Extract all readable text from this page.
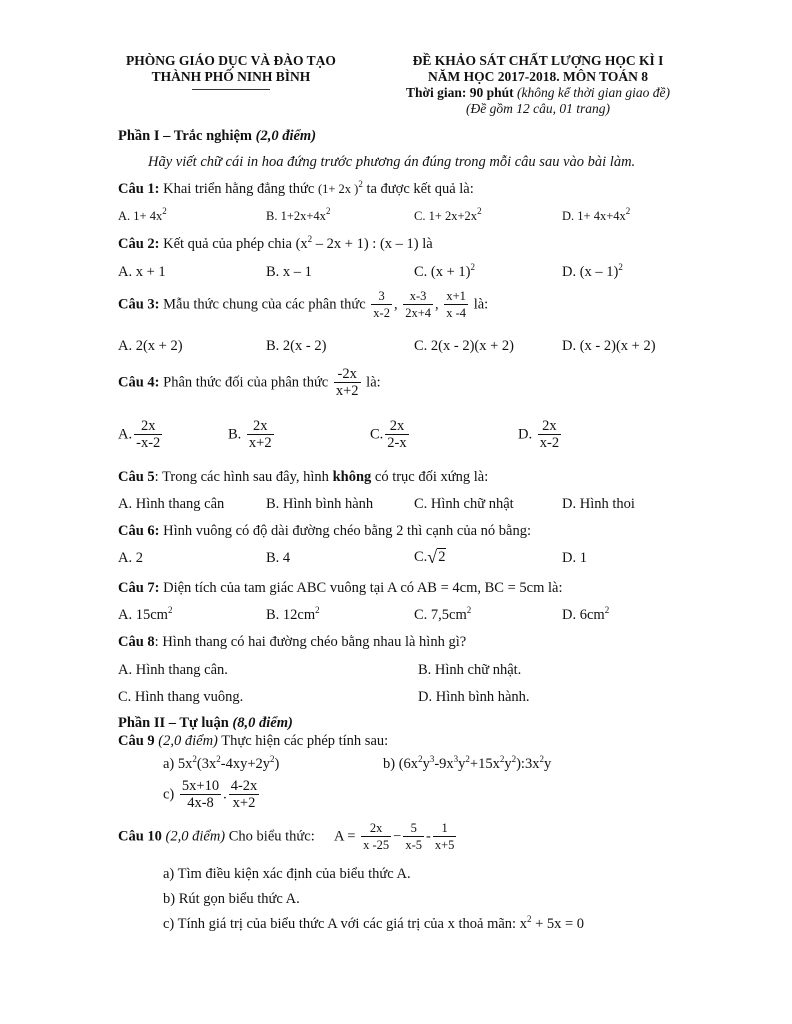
PHÒNG GIÁO DỤC VÀ ĐÀO TẠO
THÀNH PHỐ NINH BÌNH
ĐỀ KHẢO SÁT CHẤT LƯỢNG HỌC KÌ I
NĂM HỌC 2017-2018. MÔN TOÁN 8
Thời gian: 90 phút (không kể thời gian giao đề)
(Đề gồm 12 câu, 01 trang)
Phần I – Trắc nghiệm (2,0 điểm)
Hãy viết chữ cái in hoa đứng trước phương án đúng trong mỗi câu sau vào bài làm.
Câu 1: Khai triển hằng đẳng thức (1+ 2x )$^2$ ta được kết quả là:
A. $1+ 4x^2$	B. $1+2x+4x^2$	C. $1+ 2x+2x^2$	D. $1+ 4x+4x^2$
Câu 2: Kết quả của phép chia $(x^2 - 2x + 1)$ : (x – 1) là
A. x + 1	B. x – 1	C. $(x + 1)^2$	D. (x – 1)$^2$
Câu 3: Mẫu thức chung của các phân thức $\frac{3}{x-2}$ , $\frac{x-3}{2x+4}$ , $\frac{x+1}{x -4}$ là:
A. 2(x + 2)	B. 2(x - 2)	C. 2(x - 2)(x + 2)	D. (x - 2)(x + 2)
Câu 4: Phân thức đối của phân thức $\frac{-2x}{x+2}$ là:
A. $\frac{2x}{-x-2}$	B. $\frac{2x}{x+2}$	C. $\frac{2x}{2-x}$	D. $\frac{2x}{x-2}$
Câu 5: Trong các hình sau đây, hình không có trục đối xứng là:
A. Hình thang cân	B. Hình bình hành	C. Hình chữ nhật	D. Hình thoi
Câu 6: Hình vuông có độ dài đường chéo bằng 2 thì cạnh của nó bằng:
A. 2	B. 4	C.√2	D. 1
Câu 7: Diện tích của tam giác ABC vuông tại A có AB = 4cm, BC = 5cm là:
A. $15cm^2$	B. $12cm^2$	C. $7,5cm^2$	D. $6cm^2$
Câu 8: Hình thang có hai đường chéo bằng nhau là hình gì?
A. Hình thang cân.	B. Hình chữ nhật.
C. Hình thang vuông.	D. Hình bình hành.
Phần II – Tự luận (8,0 điểm)
Câu 9 (2,0 điểm) Thực hiện các phép tính sau:
a) $5x^2(3x^2-4xy+2y^2)$	b) $(6x^2y^3-9x^3y^2+15x^2y^2):3x^2y$
$c) \frac{5x+10}{4x-8}$ . $\frac{4-2x}{x+2}$
Câu 10 (2,0 điểm) Cho biểu thức: $A = \frac{2x}{x -25} - \frac{5}{x-5} - \frac{1}{x+5}$
a) Tìm điều kiện xác định của biểu thức A.
b) Rút gọn biểu thức A.
c) Tính giá trị của biểu thức A với các giá trị của x thoả mãn: $x^2 + 5x = 0$
